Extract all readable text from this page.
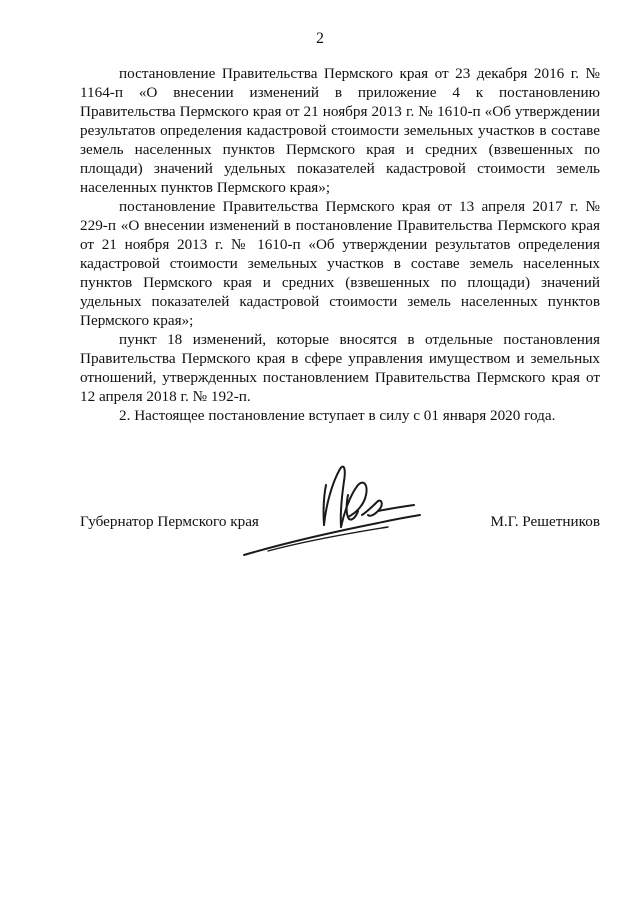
2

постановление Правительства Пермского края от 23 декабря 2016 г. № 1164-п «О внесении изменений в приложение 4 к постановлению Правительства Пермского края от 21 ноября 2013 г. № 1610-п «Об утверждении результатов определения кадастровой стоимости земельных участков в составе земель населенных пунктов Пермского края и средних (взвешенных по площади) значений удельных показателей кадастровой стоимости земель населенных пунктов Пермского края»;

постановление Правительства Пермского края от 13 апреля 2017 г. № 229-п «О внесении изменений в постановление Правительства Пермского края от 21 ноября 2013 г. № 1610-п «Об утверждении результатов определения кадастровой стоимости земельных участков в составе земель населенных пунктов Пермского края и средних (взвешенных по площади) значений удельных показателей кадастровой стоимости земель населенных пунктов Пермского края»;

пункт 18 изменений, которые вносятся в отдельные постановления Правительства Пермского края в сфере управления имуществом и земельных отношений, утвержденных постановлением Правительства Пермского края от 12 апреля 2018 г. № 192-п.

2. Настоящее постановление вступает в силу с 01 января 2020 года.

Губернатор Пермского края	М.Г. Решетников
